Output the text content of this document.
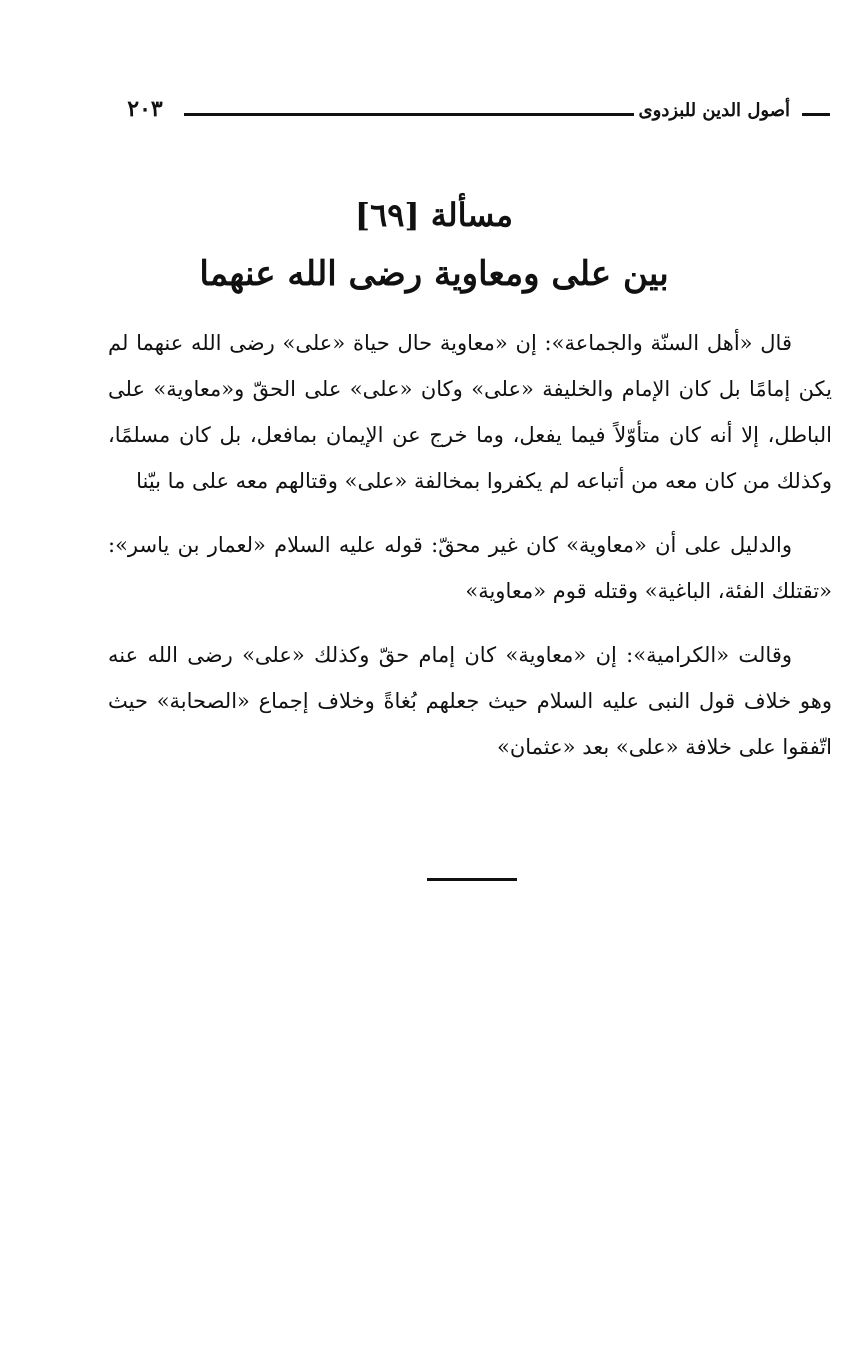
أصول الدين للبزدوى
٢٠٣
مسألة [٦٩]
بين على ومعاوية رضى الله عنهما

قال «أهل السنّة والجماعة»: إن «معاوية حال حياة «على» رضى الله عنهما لم يكن إمامًا بل كان الإمام والخليفة «على» وكان «على» على الحقّ و«معاوية» على الباطل، إلا أنه كان متأوّلاً فيما يفعل، وما خرج عن الإيمان بمافعل، بل كان مسلمًا، وكذلك من كان معه من أتباعه لم يكفروا بمخالفة «على» وقتالهم معه على ما بيّنا

والدليل على أن «معاوية» كان غير محقّ: قوله عليه السلام «لعمار بن ياسر»: «تقتلك الفئة، الباغية» وقتله قوم «معاوية»

وقالت «الكرامية»: إن «معاوية» كان إمام حقّ وكذلك «على» رضى الله عنه وهو خلاف قول النبى عليه السلام حيث جعلهم بُغاةً وخلاف إجماع «الصحابة» حيث اتّفقوا على خلافة «على» بعد «عثمان»
